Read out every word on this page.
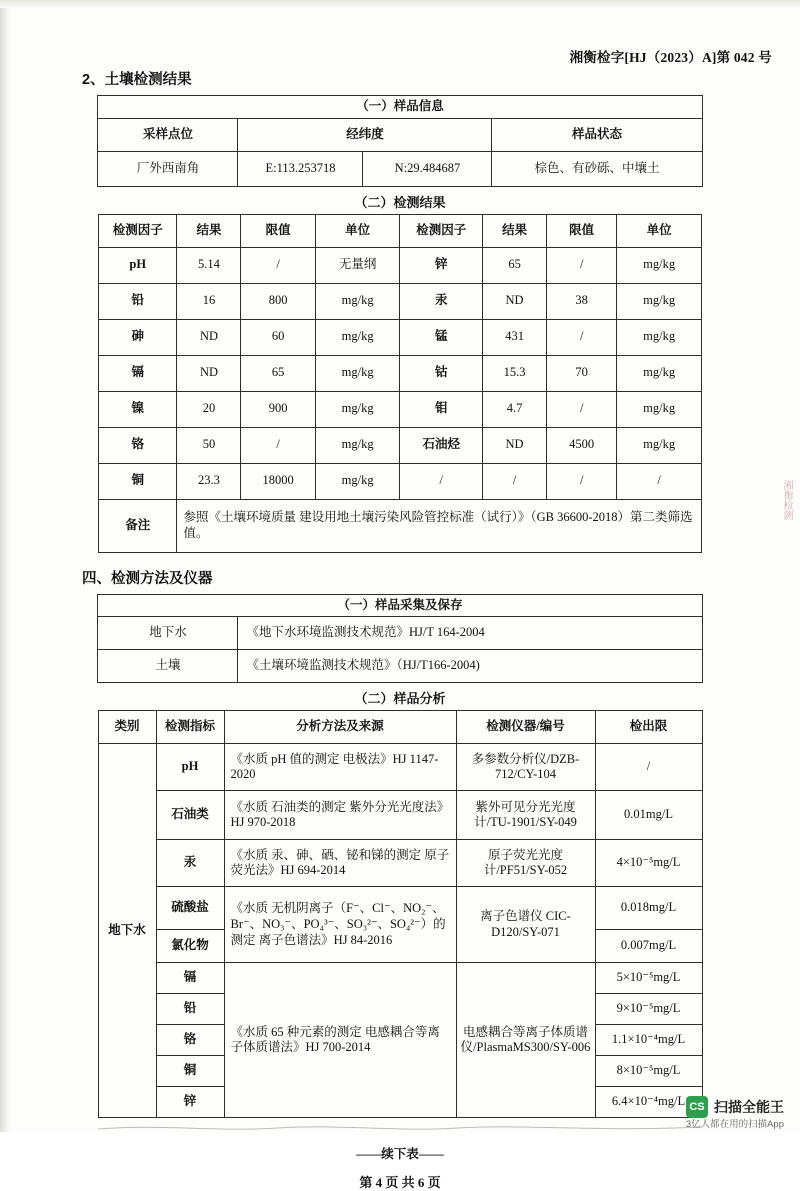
湘衡检字[HJ（2023）A]第 042 号
2、土壤检测结果
（一）样品信息			
采样点位	经纬度		样品状态
厂外西南角	E:113.253718	N:29.484687	棕色、有砂砾、中壤土
（二）检测结果
检测因子	结果	限值	单位	检测因子	结果	限值	单位
pH	5.14	/	无量纲	锌	65	/	mg/kg
铅	16	800	mg/kg	汞	ND	38	mg/kg
砷	ND	60	mg/kg	锰	431	/	mg/kg
镉	ND	65	mg/kg	钴	15.3	70	mg/kg
镍	20	900	mg/kg	钼	4.7	/	mg/kg
铬	50	/	mg/kg	石油烃	ND	4500	mg/kg
铜	23.3	18000	mg/kg	/	/	/	/
备注	参照《土壤环境质量 建设用地土壤污染风险管控标准（试行）》（GB 36600-2018）第二类筛选值。						
四、检测方法及仪器
（一）样品采集及保存	
地下水	《地下水环境监测技术规范》HJ/T 164-2004
土壤	《土壤环境监测技术规范》（HJ/T166-2004)
（二）样品分析
类别	检测指标	分析方法及来源	检测仪器/编号	检出限
地下水	pH	《水质 pH 值的测定 电极法》HJ 1147-2020	多参数分析仪/DZB-712/CY-104	/
	石油类	《水质 石油类的测定 紫外分光光度法》HJ 970-2018	紫外可见分光光度计/TU-1901/SY-049	0.01mg/L
	汞	《水质 汞、砷、硒、铋和锑的测定 原子荧光法》HJ 694-2014	原子荧光光度计/PF51/SY-052	4×10⁻⁵mg/L
	硫酸盐	《水质 无机阴离子（F⁻、Cl⁻、NO₂⁻、Br⁻、NO₃⁻、PO₄³⁻、SO₃²⁻、SO₄²⁻）的测定 离子色谱法》HJ 84-2016	离子色谱仪 CIC-D120/SY-071	0.018mg/L
	氯化物			0.007mg/L
	镉	《水质 65 种元素的测定 电感耦合等离子体质谱法》HJ 700-2014	电感耦合等离子体质谱仪/PlasmaMS300/SY-006	5×10⁻⁵mg/L
	铅			9×10⁻⁵mg/L
	铬			1.1×10⁻⁴mg/L
	铜			8×10⁻⁵mg/L
	锌			6.4×10⁻⁴mg/L
——续下表——
第 4 页 共 6 页
湘衡检测
CS 扫描全能王
3亿人都在用的扫描App
